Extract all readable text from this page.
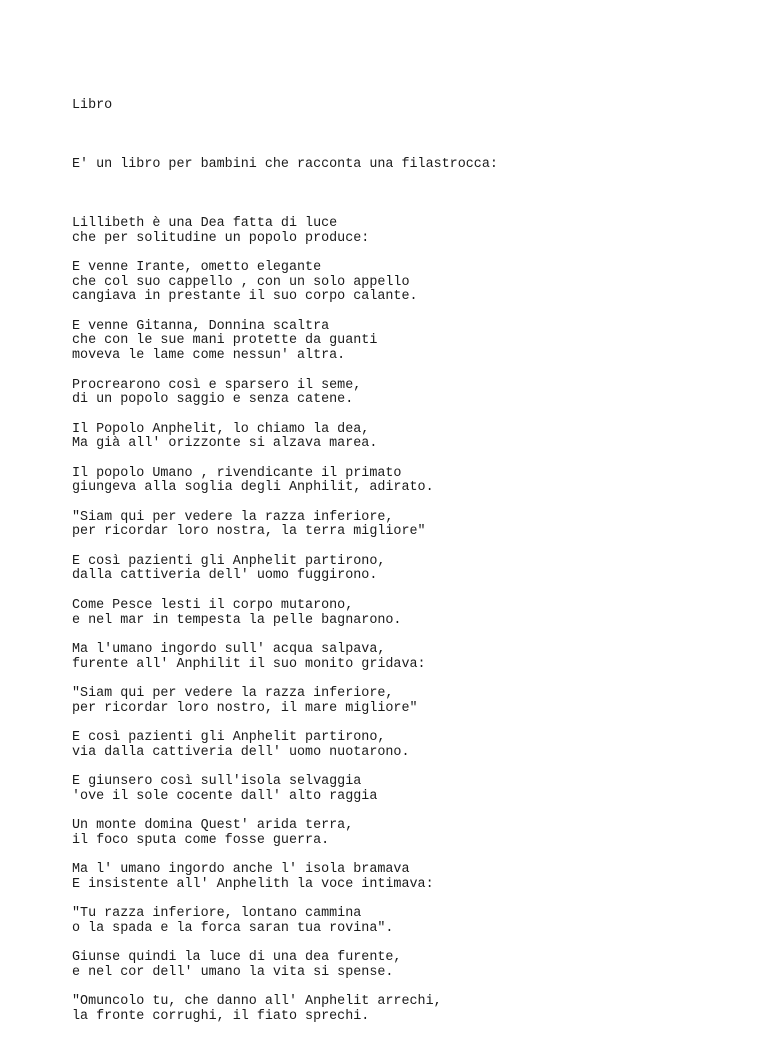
Libro

E' un libro per bambini che racconta una filastrocca:

Lillibeth è una Dea fatta di luce
che per solitudine un popolo produce:
E venne Irante, ometto elegante
che col suo cappello , con un solo appello
cangiava in prestante il suo corpo calante.
E venne Gitanna, Donnina scaltra
che con le sue mani protette da guanti
moveva le lame come nessun' altra.
Procrearono così e sparsero il seme,
di un popolo saggio e senza catene.
Il Popolo Anphelit, lo chiamo la dea,
Ma già all' orizzonte si alzava marea.
Il popolo Umano , rivendicante il primato
giungeva alla soglia degli Anphilit, adirato.
"Siam qui per vedere la razza inferiore,
per ricordar loro nostra, la terra migliore"
E così pazienti gli Anphelit partirono,
dalla cattiveria dell' uomo fuggirono.
Come Pesce lesti il corpo mutarono,
e nel mar in tempesta la pelle bagnarono.
Ma l'umano ingordo sull' acqua salpava,
furente all' Anphilit il suo monito gridava:
"Siam qui per vedere la razza inferiore,
per ricordar loro nostro, il mare migliore"
E così pazienti gli Anphelit partirono,
via dalla cattiveria dell' uomo nuotarono.
E giunsero così sull'isola selvaggia
'ove il sole cocente dall' alto raggia
Un monte domina Quest' arida terra,
il foco sputa come fosse guerra.
Ma l' umano ingordo anche l' isola bramava
E insistente all' Anphelith la voce intimava:
"Tu razza inferiore, lontano cammina
o la spada e la forca saran tua rovina".
Giunse quindi la luce di una dea furente,
e nel cor dell' umano la vita si spense.
"Omuncolo tu, che danno all' Anphelit arrechi,
la fronte corrughi, il fiato sprechi.
